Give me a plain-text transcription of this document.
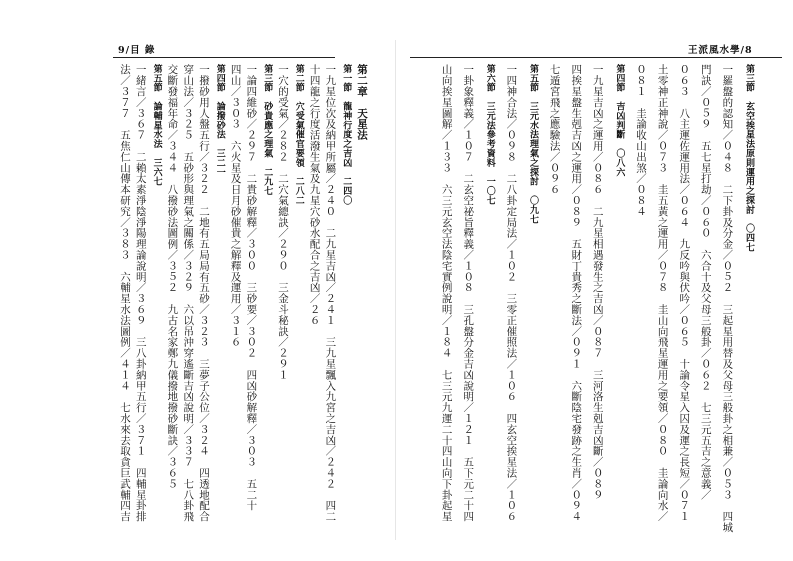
9/目 錄
第二章　天星法
第一節　龍神行度之吉凶　二四〇
一九星位次及納甲所屬／２４０　二九星吉凶／２４１　三九星飄入九宮之吉凶／２４２　四二
十四龍之行度活潑生氣及九星穴砂水配合之吉凶／２６
第二節　穴受氣催官要領　二八二
一穴的受氣／２８２　二穴氣總訣／２９０　三金斗秘訣／２９１
第三節　砂貴應之理氣　二九七
一論四維砂／２９７　二貴砂解釋／３００　三砂要／３０２　四凶砂解釋／３０３　五二十
四山／３０３　六火星及日月砂催貴之解釋及運用／３１６
第四節　論撥砂法　三二一
一撥砂用人盤五行／３２２　二地有五局局有五砂／３２３　三夢子公位／３２４　四透地配合
穿山法／３２５　五砂形與理氣之關係／３２９　六以吊沖穿遙斷吉凶說明／３３７　七八卦飛
交斷發福年命／３４４　八撥砂法圖例／３５２　九古名家鄭九儀撥地撥砂斷訣／３６５
第五節　論輔星水法　三六七
一緒言／３６７　二賴太素淨陰淨陽理論說明／３６９　三八卦納甲五行／３７１　四輔星卦排
法／３７７　五焦仁山傳本研究／３８３　六輔星水法圖例／４１４　七水來去取貪巨武輔四吉
王派風水學/8
第三節　玄空挨星法原則運用之探討　〇四七
一羅盤的認知／０４８　二下卦及分金／０５２　三起星用替及父母三般卦之相兼／０５３　四城
門訣／０５９　五七星打劫／０６０　六合十及父母三般卦／０６２　七三元五吉之意義／
０６３　八主運佐運用法／０６４　九反吟與伏吟／０６５　十論令星入囚及運之長短／０７１
土零神正神說／０７３　圭五黃之運用／０７８　圭山向飛星運用之要領／０８０　圭論向水／
０８１　圭論收山出煞／０８４
第四節　吉凶判斷　〇八六
一九星吉凶之運用／０８６　二九星相遇發生之吉凶／０８７　三河洛生剋吉凶斷／０８９
四挨星盤生剋吉凶之運用／０８９　五財丁貴秀之斷法／０９１　六斷陰宅發跡之生肖／０９４
七遁宮飛之應驗法／０９６
第五節　三元水法理氣之探討　〇九七
一四神合法／０９８　二八卦定局法／１０２　三零正催照法／１０６　四玄空挨星法／１０６
第六節　三元法參考資料　一〇七
一卦象釋義／１０７　二玄空祕旨釋義／１０８　三孔盤分金吉凶說明／１２１　五下元二十四
山向挨星圖解／１３３　六三元玄空法陰宅實例說明／１８４　七三元九運二十四山向下卦起星
